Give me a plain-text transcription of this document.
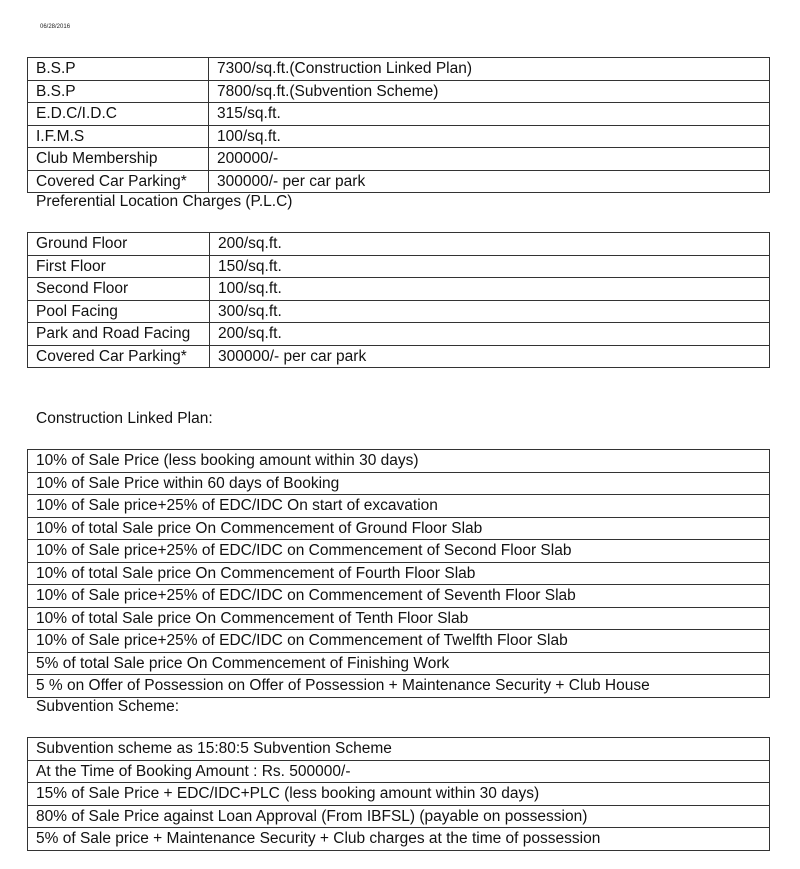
06/28/2016
B.S.P	7300/sq.ft.(Construction Linked Plan)
B.S.P	7800/sq.ft.(Subvention Scheme)
E.D.C/I.D.C	315/sq.ft.
I.F.M.S	100/sq.ft.
Club Membership	200000/-
Covered Car Parking*	300000/- per car park
Preferential Location Charges (P.L.C)
Ground Floor	200/sq.ft.
First Floor	150/sq.ft.
Second Floor	100/sq.ft.
Pool Facing	300/sq.ft.
Park and Road Facing	200/sq.ft.
Covered Car Parking*	300000/- per car park
Construction Linked Plan:
10% of Sale Price (less booking amount within 30 days)
10% of Sale Price within 60 days of Booking
10% of Sale price+25% of EDC/IDC On start of excavation
10% of total Sale price On Commencement of Ground Floor Slab
10% of Sale price+25% of EDC/IDC on Commencement of Second Floor Slab
10% of total Sale price On Commencement of Fourth Floor Slab
10% of Sale price+25% of EDC/IDC on Commencement of Seventh Floor Slab
10% of total Sale price On Commencement of Tenth Floor Slab
10% of Sale price+25% of EDC/IDC on Commencement of Twelfth Floor Slab
5% of total Sale price On Commencement of Finishing Work
5 % on Offer of Possession on Offer of Possession + Maintenance Security + Club House
Subvention Scheme:
Subvention scheme as 15:80:5 Subvention Scheme
At the Time of Booking Amount : Rs. 500000/-
15% of Sale Price + EDC/IDC+PLC (less booking amount within 30 days)
80% of Sale Price against Loan Approval (From IBFSL) (payable on possession)
5% of Sale price + Maintenance Security + Club charges at the time of possession
